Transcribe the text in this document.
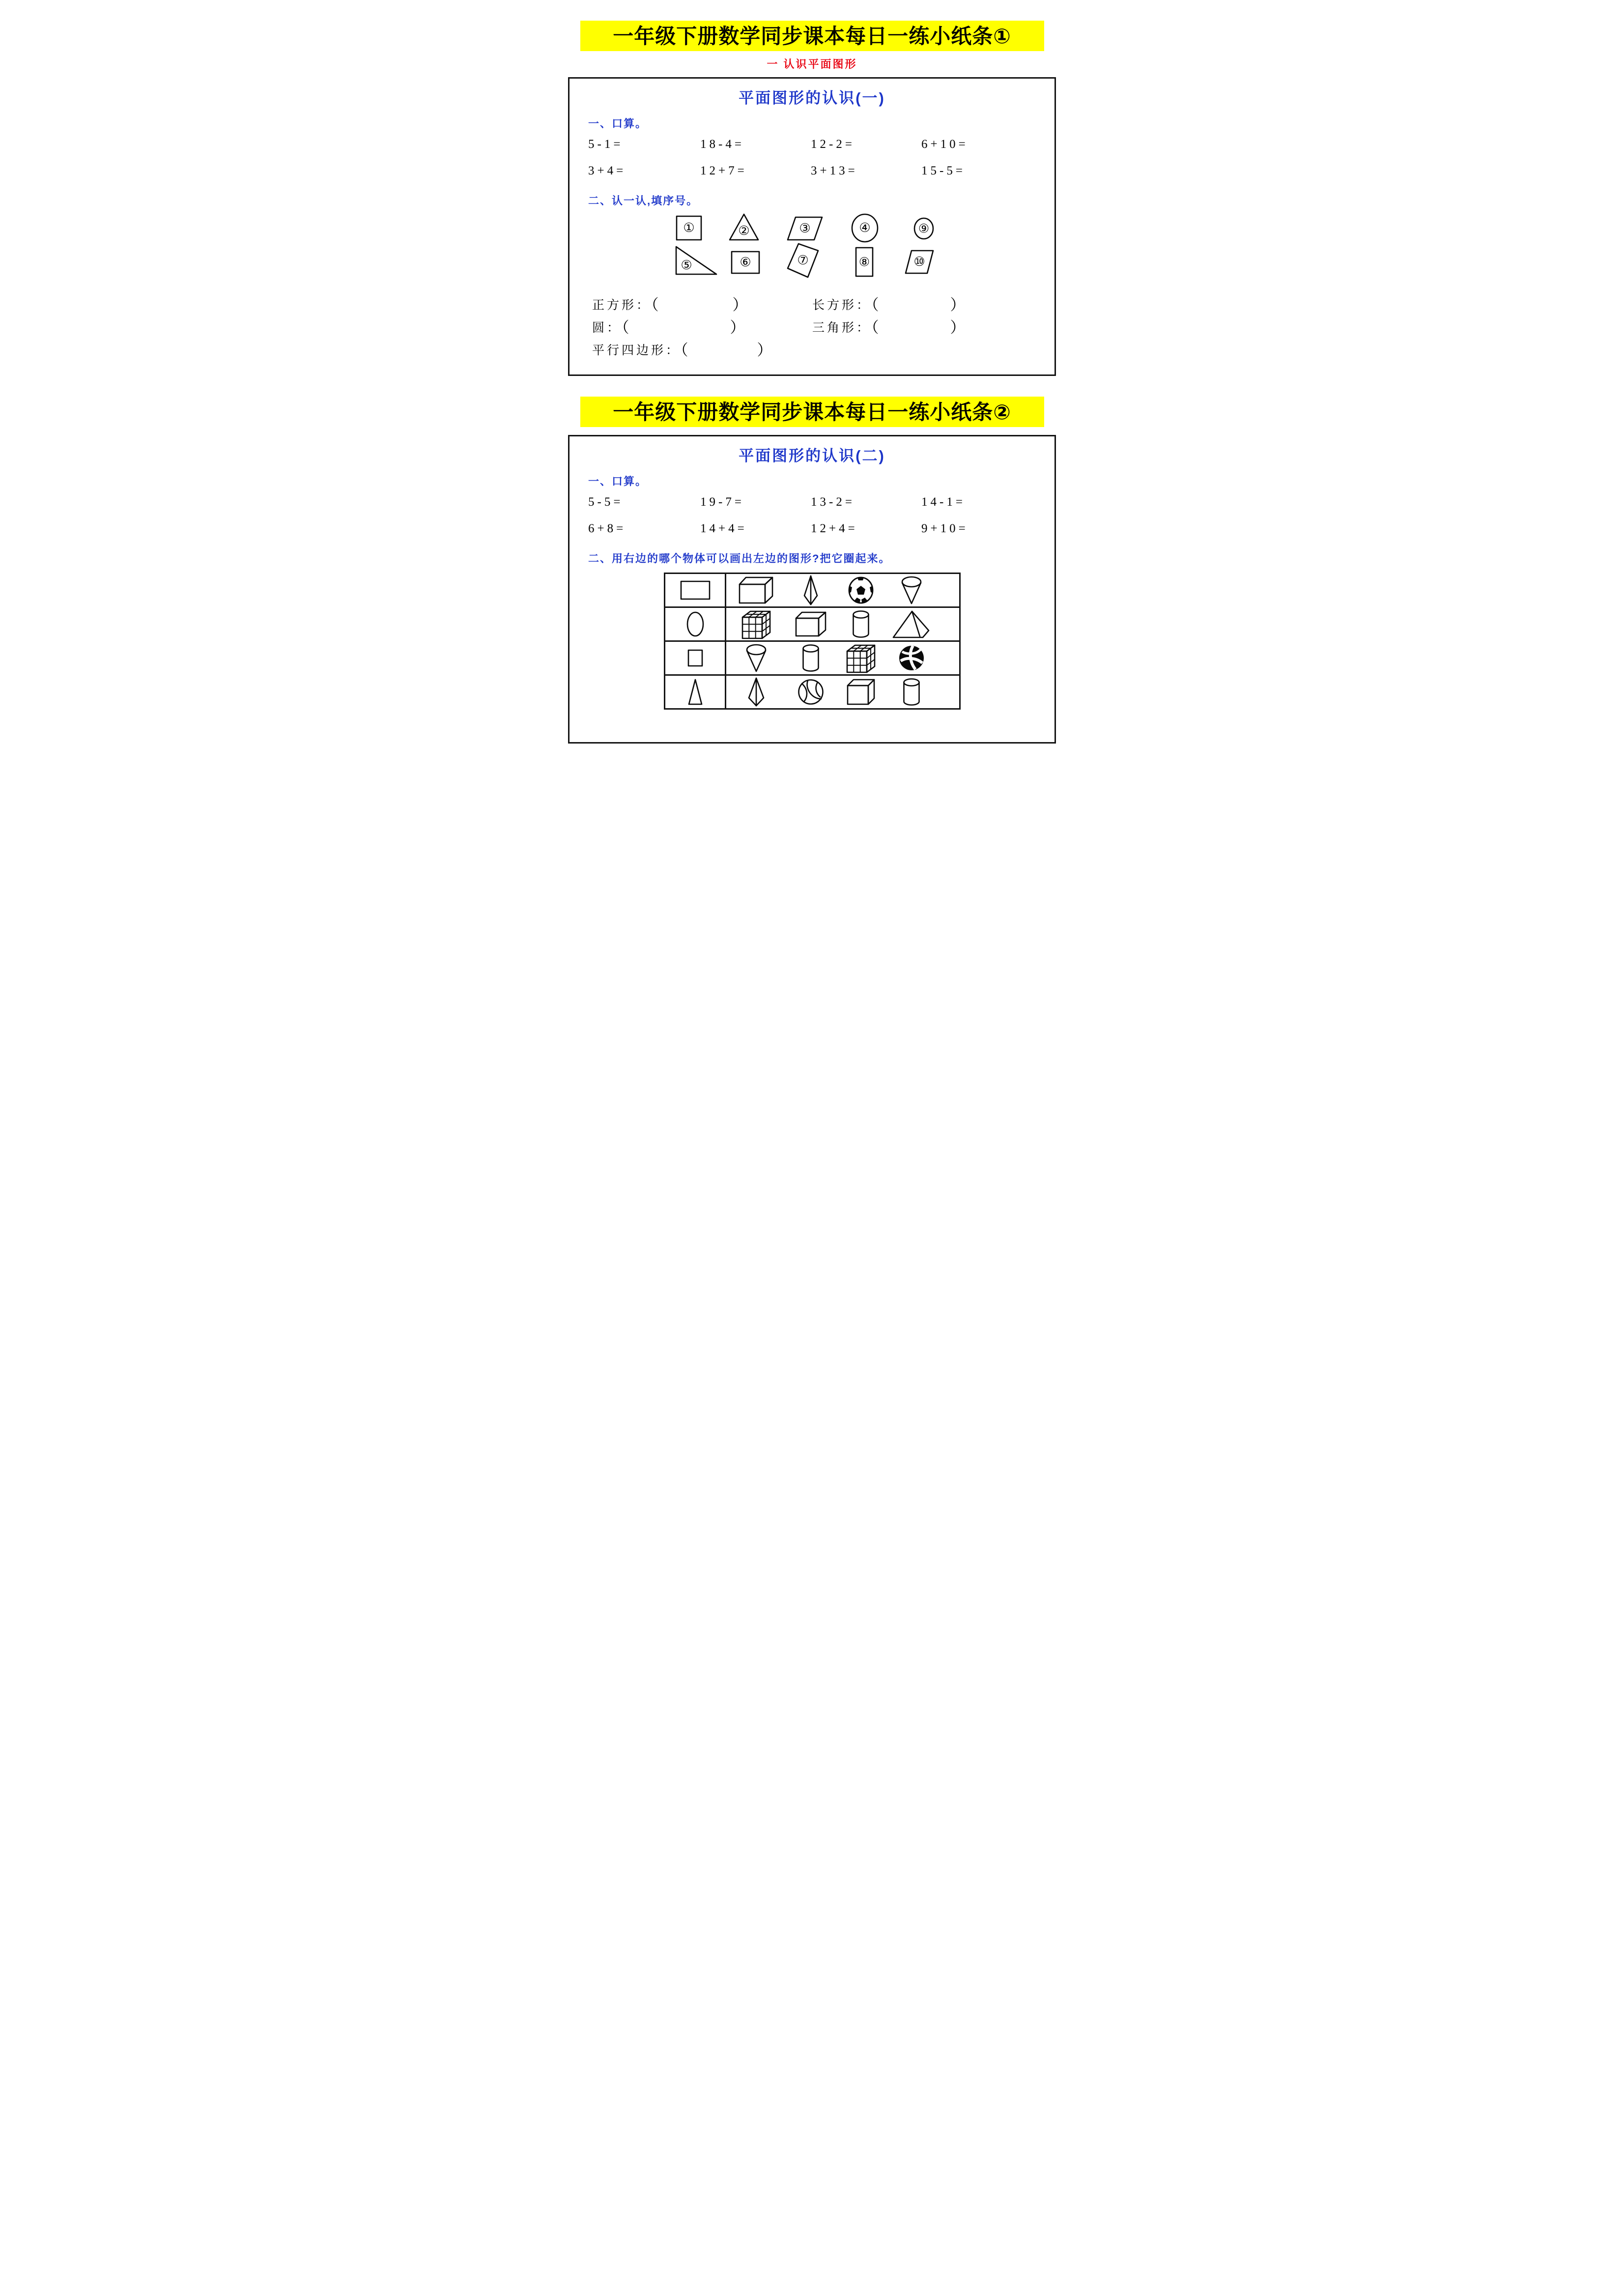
一年级下册数学同步课本每日一练小纸条①
一 认识平面图形
平面图形的认识(一)
一、口算。
5-1=	18-4=	12-2=	6+10=
3+4=	12+7=	3+13=	15-5=
二、认一认,填序号。
①	②	③	④	⑨
⑤	⑥	⑦	⑧	⑩
正方形：（	）	长方形：（	）
圆：（	）	三角形：（	）
平行四边形：（	）
一年级下册数学同步课本每日一练小纸条②
平面图形的认识(二)
一、口算。
5-5=	19-7=	13-2=	14-1=
6+8=	14+4=	12+4=	9+10=
二、用右边的哪个物体可以画出左边的图形?把它圈起来。
